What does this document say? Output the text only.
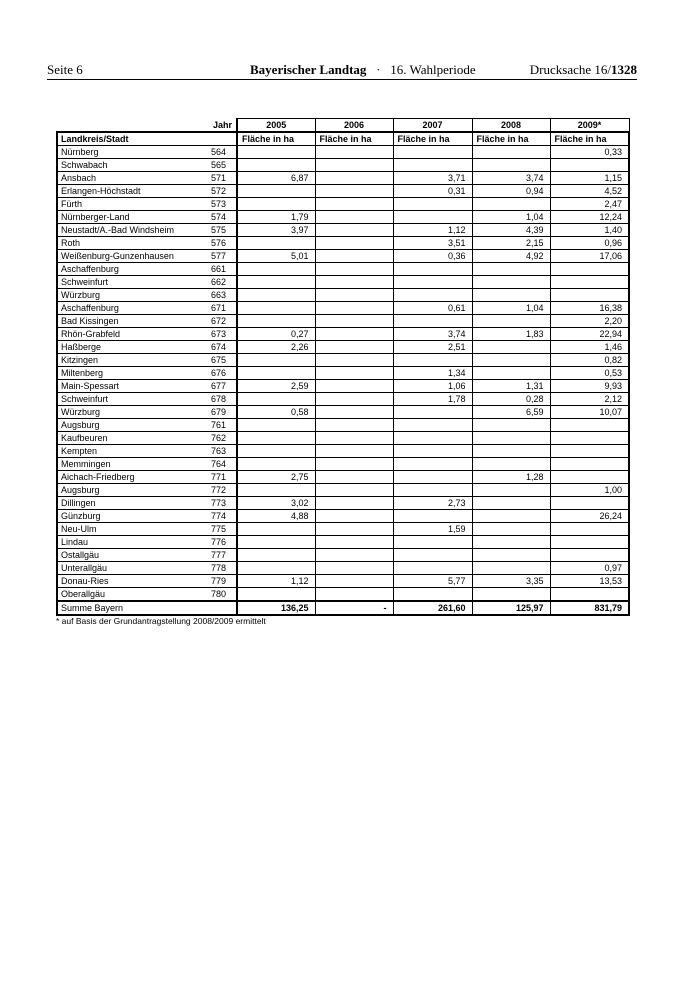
Seite 6	Bayerischer Landtag · 16. Wahlperiode	Drucksache 16/1328
	Jahr	2005	2006	2007	2008	2009*
Landkreis/Stadt		Fläche in ha	Fläche in ha	Fläche in ha	Fläche in ha	Fläche in ha
Nürnberg	564					0,33
Schwabach	565					
Ansbach	571	6,87		3,71	3,74	1,15
Erlangen-Höchstadt	572			0,31	0,94	4,52
Fürth	573					2,47
Nürnberger-Land	574	1,79			1,04	12,24
Neustadt/A.-Bad Windsheim	575	3,97		1,12	4,39	1,40
Roth	576			3,51	2,15	0,96
Weißenburg-Gunzenhausen	577	5,01		0,36	4,92	17,06
Aschaffenburg	661					
Schweinfurt	662					
Würzburg	663					
Aschaffenburg	671			0,61	1,04	16,38
Bad Kissingen	672					2,20
Rhön-Grabfeld	673	0,27		3,74	1,83	22,94
Haßberge	674	2,26		2,51		1,46
Kitzingen	675					0,82
Miltenberg	676			1,34		0,53
Main-Spessart	677	2,59		1,06	1,31	9,93
Schweinfurt	678			1,78	0,28	2,12
Würzburg	679	0,58			6,59	10,07
Augsburg	761					
Kaufbeuren	762					
Kempten	763					
Memmingen	764					
Aichach-Friedberg	771	2,75			1,28	
Augsburg	772					1,00
Dillingen	773	3,02		2,73		
Günzburg	774	4,88				26,24
Neu-Ulm	775			1,59		
Lindau	776					
Ostallgäu	777					
Unterallgäu	778					0,97
Donau-Ries	779	1,12		5,77	3,35	13,53
Oberallgäu	780					
Summe Bayern		136,25	-	261,60	125,97	831,79
* auf Basis der Grundantragstellung 2008/2009 ermittelt
